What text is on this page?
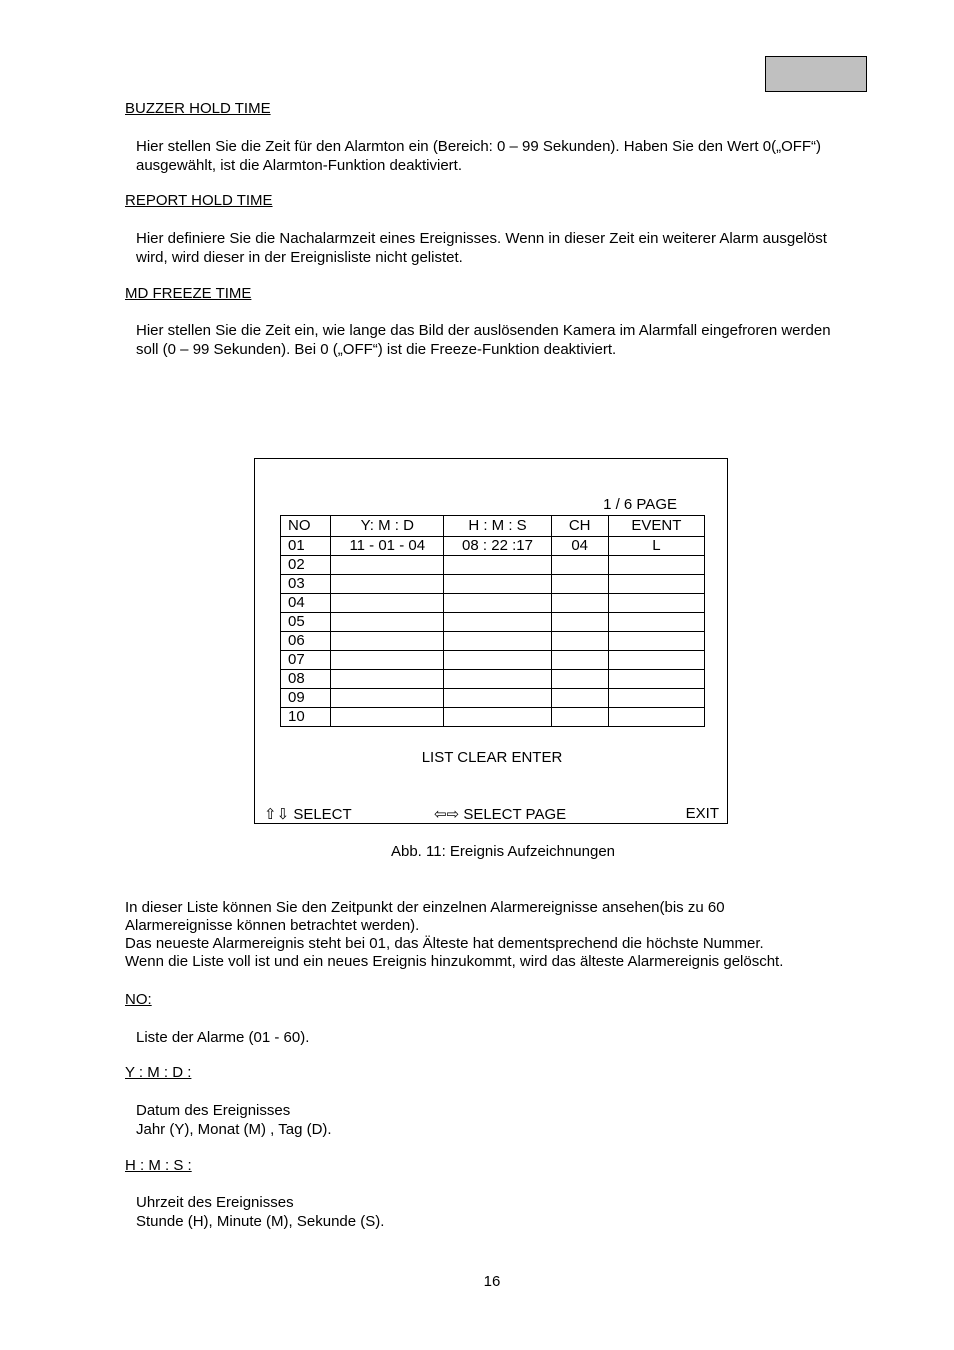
BUZZER HOLD TIME

Hier stellen Sie die Zeit für den Alarmton ein (Bereich: 0 – 99 Sekunden). Haben Sie den Wert 0(„OFF“)

ausgewählt, ist die Alarmton-Funktion deaktiviert.

REPORT HOLD TIME

Hier definiere Sie die Nachalarmzeit eines Ereignisses. Wenn in dieser Zeit ein weiterer Alarm ausgelöst

wird, wird dieser in der Ereignisliste nicht gelistet.

MD FREEZE TIME

Hier stellen Sie die Zeit ein, wie lange das Bild der auslösenden Kamera im Alarmfall eingefroren werden

soll (0 – 99 Sekunden). Bei 0 („OFF“) ist die Freeze-Funktion deaktiviert.

1 / 6 PAGE
NO	Y: M : D	H : M : S	CH	EVENT
01	11 - 01 - 04	08 : 22 :17	04	L
02				
03				
04				
05				
06				
07				
08				
09				
10				
LIST CLEAR ENTER
⇧⇩ SELECT	⇦⇨ SELECT PAGE	EXIT
Abb. 11: Ereignis Aufzeichnungen

In dieser Liste können Sie den Zeitpunkt der einzelnen Alarmereignisse ansehen(bis zu 60

Alarmereignisse können betrachtet werden).

Das neueste Alarmereignis steht bei 01, das Älteste hat dementsprechend die höchste Nummer.

Wenn die Liste voll ist und ein neues Ereignis hinzukommt, wird das älteste Alarmereignis gelöscht.

NO:

Liste der Alarme (01 - 60).

Y : M : D :

Datum des Ereignisses

Jahr (Y), Monat (M) , Tag (D).

H : M : S :

Uhrzeit des Ereignisses

Stunde (H), Minute (M), Sekunde (S).

16
